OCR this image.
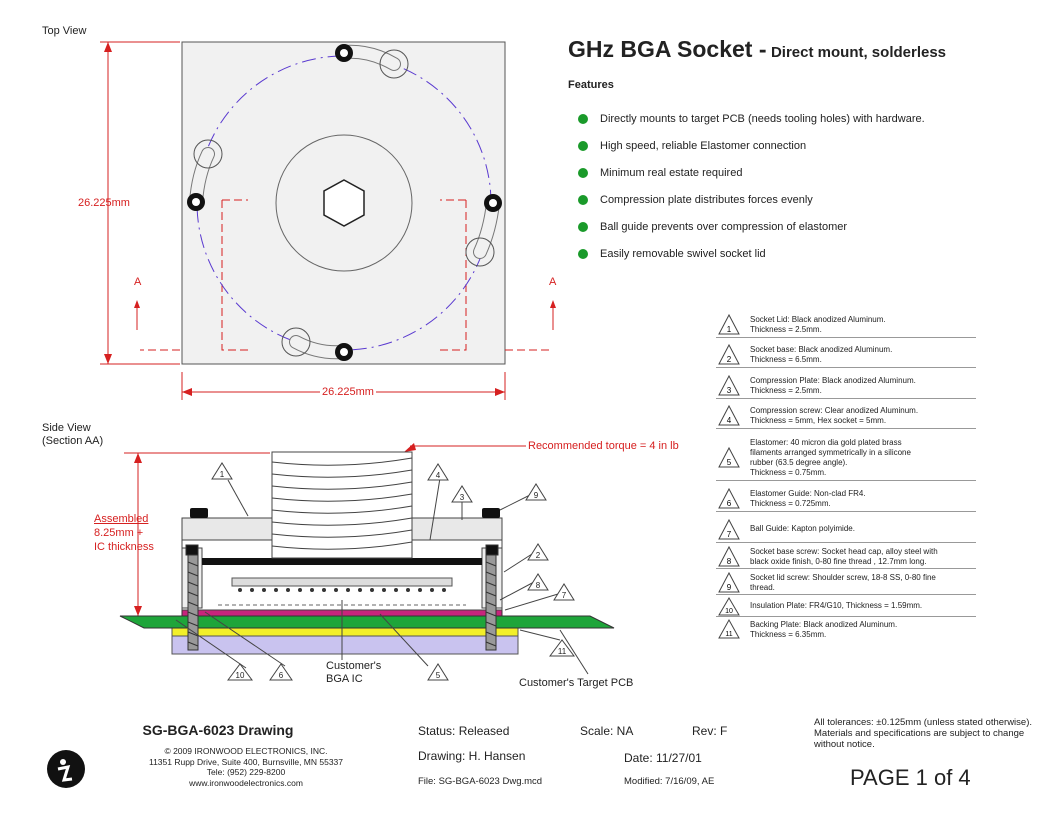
Top View
26.225mm
26.225mm
A	A
Side View
(Section AA)
1	4
3	9
2
8
7
11
10	6	5
Recommended torque = 4 in lb
Assembled
8.25mm +
IC thickness
Customer's
BGA IC	Customer's Target PCB
GHz BGA Socket - Direct mount, solderless
Features
Directly mounts to target PCB (needs tooling holes) with hardware.
High speed, reliable Elastomer connection
Minimum real estate required
Compression plate distributes forces evenly
Ball guide prevents over compression of elastomer
Easily removable swivel socket lid
1
Socket Lid: Black anodized Aluminum.
Thickness = 2.5mm.
2
Socket base: Black anodized Aluminum.
Thickness = 6.5mm.
3
Compression Plate: Black anodized Aluminum.
Thickness = 2.5mm.
4
Compression screw: Clear anodized Aluminum.
Thickness = 5mm, Hex socket = 5mm.
5
Elastomer: 40 micron dia gold plated brass
filaments arranged symmetrically in a silicone
rubber (63.5 degree angle).
Thickness = 0.75mm.
6
Elastomer Guide: Non-clad FR4.
Thickness = 0.725mm.
7
Ball Guide: Kapton polyimide.
8
Socket base screw: Socket head cap, alloy steel with
black oxide finish, 0-80 fine thread , 12.7mm long.
9
Socket lid screw: Shoulder screw, 18-8 SS, 0-80 fine
thread.
10
Insulation Plate: FR4/G10, Thickness = 1.59mm.
11
Backing Plate: Black anodized Aluminum.
Thickness = 6.35mm.
SG-BGA-6023 Drawing
© 2009 IRONWOOD ELECTRONICS, INC.
11351 Rupp Drive, Suite 400, Burnsville, MN 55337
Tele: (952) 229-8200
www.ironwoodelectronics.com
Status: Released	Scale: NA	Rev: F
Drawing: H. Hansen	Date: 11/27/01
File: SG-BGA-6023 Dwg.mcd	Modified: 7/16/09, AE
All tolerances: ±0.125mm (unless stated otherwise). Materials and specifications are subject to change without notice.
PAGE 1 of 4
